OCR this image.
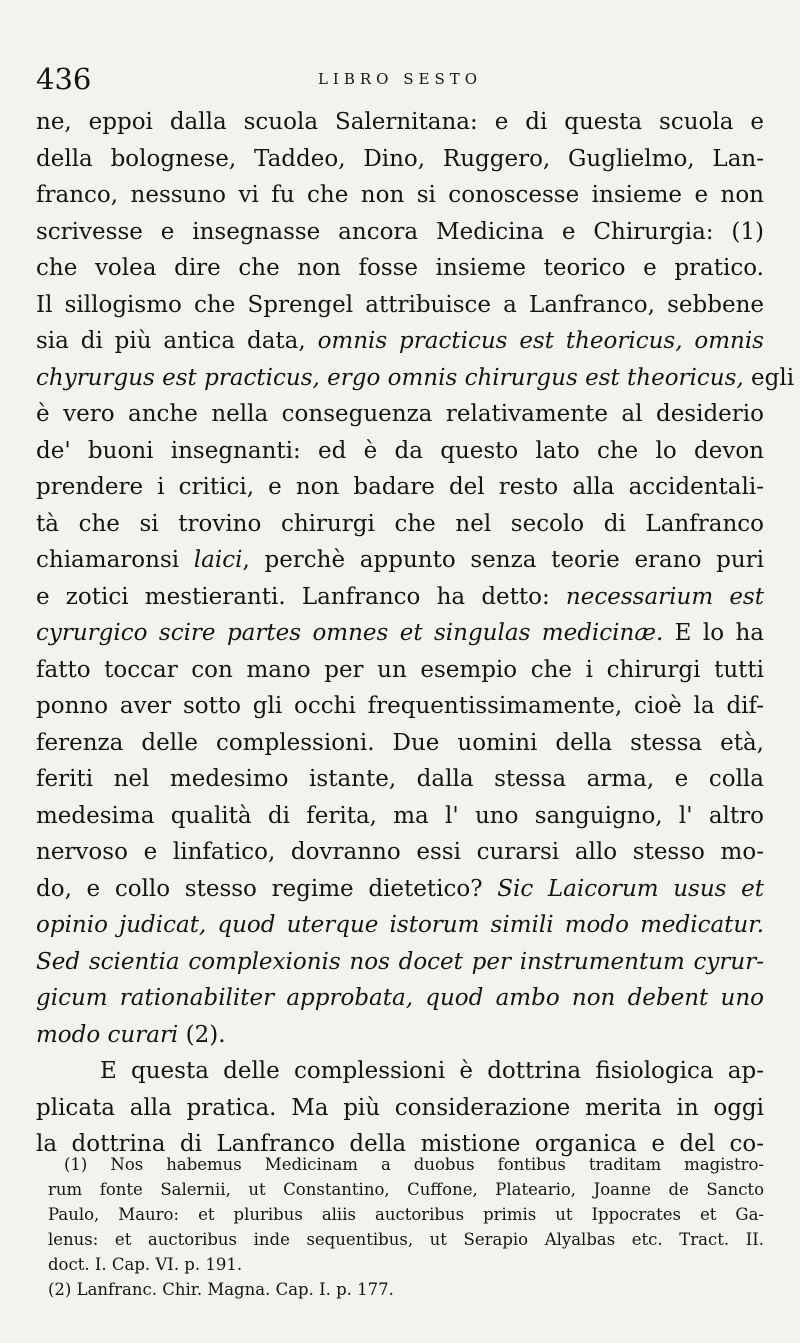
436	LIBRO SESTO
ne, eppoi dalla scuola Salernitana: e di questa scuola e
della bolognese, Taddeo, Dino, Ruggero, Guglielmo, Lan-
franco, nessuno vi fu che non si conoscesse insieme e non
scrivesse e insegnasse ancora Medicina e Chirurgia: (1)
che volea dire che non fosse insieme teorico e pratico.
Il sillogismo che Sprengel attribuisce a Lanfranco, sebbene
sia di più antica data, omnis practicus est theoricus, omnis
chyrurgus est practicus, ergo omnis chirurgus est theoricus, egli
è vero anche nella conseguenza relativamente al desiderio
de' buoni insegnanti: ed è da questo lato che lo devon
prendere i critici, e non badare del resto alla accidentali-
tà che si trovino chirurgi che nel secolo di Lanfranco
chiamaronsi laici, perchè appunto senza teorie erano puri
e zotici mestieranti. Lanfranco ha detto: necessarium est
cyrurgico scire partes omnes et singulas medicinæ. E lo ha
fatto toccar con mano per un esempio che i chirurgi tutti
ponno aver sotto gli occhi frequentissimamente, cioè la dif-
ferenza delle complessioni. Due uomini della stessa età,
feriti nel medesimo istante, dalla stessa arma, e colla
medesima qualità di ferita, ma l' uno sanguigno, l' altro
nervoso e linfatico, dovranno essi curarsi allo stesso mo-
do, e collo stesso regime dietetico? Sic Laicorum usus et
opinio judicat, quod uterque istorum simili modo medicatur.
Sed scientia complexionis nos docet per instrumentum cyrur-
gicum rationabiliter approbata, quod ambo non debent uno
modo curari (2).
E questa delle complessioni è dottrina fisiologica ap-
plicata alla pratica. Ma più considerazione merita in oggi
la dottrina di Lanfranco della mistione organica e del co-
(1) Nos habemus Medicinam a duobus fontibus traditam magistro-
rum fonte Salernii, ut Constantino, Cuffone, Plateario, Joanne de Sancto
Paulo, Mauro: et pluribus aliis auctoribus primis ut Ippocrates et Ga-
lenus: et auctoribus inde sequentibus, ut Serapio Alyalbas etc. Tract. II.
doct. I. Cap. VI. p. 191.
(2) Lanfranc. Chir. Magna. Cap. I. p. 177.
